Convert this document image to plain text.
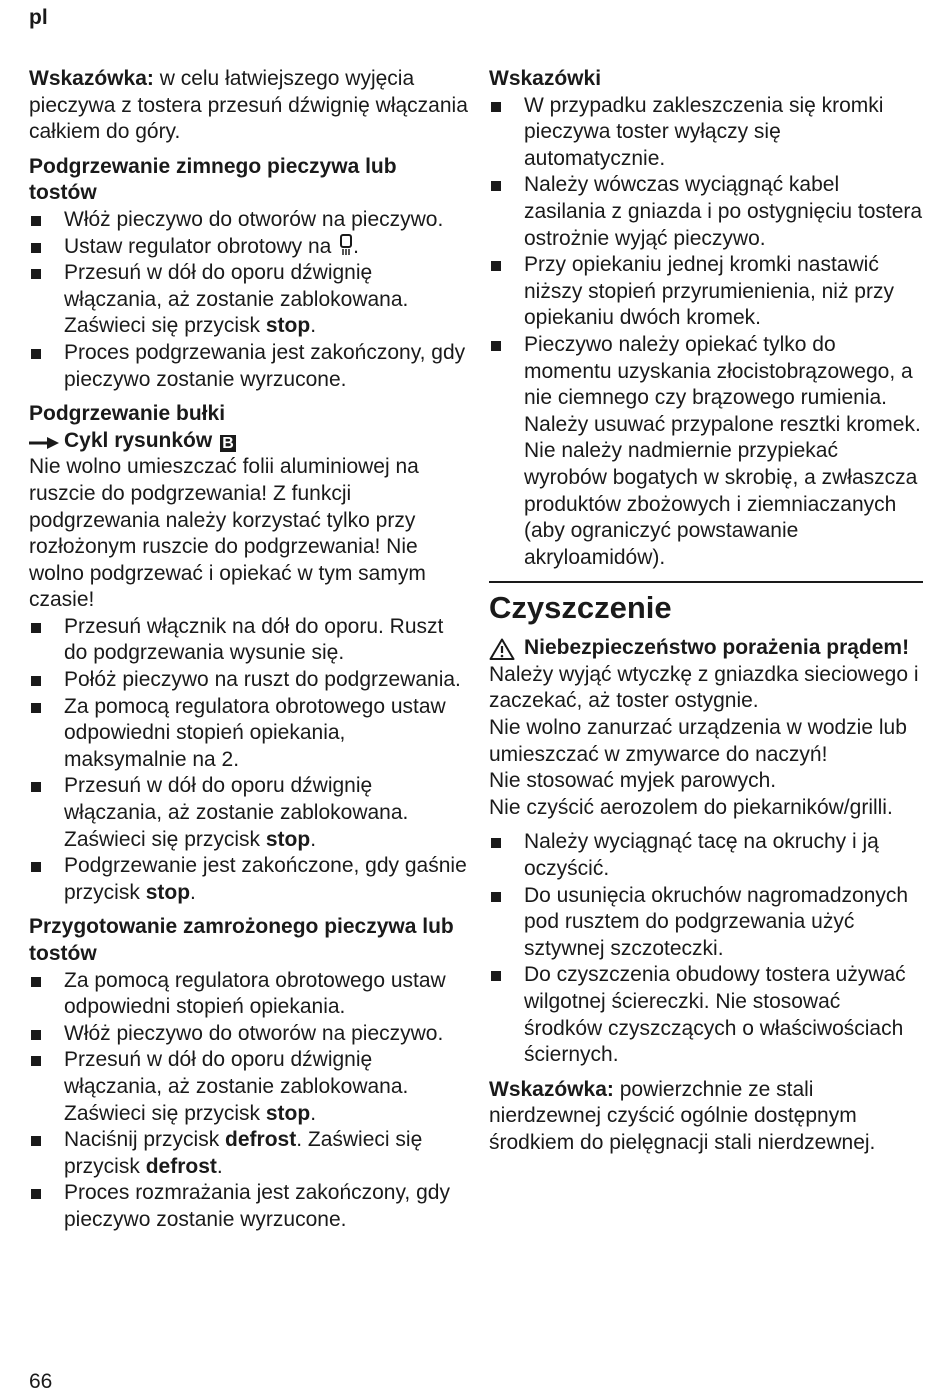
pl

Wskazówka: w celu łatwiejszego wyjęcia pieczywa z tostera przesuń dźwignię włączania całkiem do góry.

Podgrzewanie zimnego pieczywa lub tostów

Włóż pieczywo do otworów na pieczywo.
Ustaw regulator obrotowy na .
Przesuń w dół do oporu dźwignię włączania, aż zostanie zablokowana. Zaświeci się przycisk stop.
Proces podgrzewania jest zakończony, gdy pieczywo zostanie wyrzucone.

Podgrzewanie bułki

Cykl rysunków B

Nie wolno umieszczać folii aluminiowej na ruszcie do podgrzewania! Z funkcji podgrzewania należy korzystać tylko przy rozłożonym ruszcie do podgrzewania! Nie wolno podgrzewać i opiekać w tym samym czasie!

Przesuń włącznik na dół do oporu. Ruszt do podgrzewania wysunie się.
Połóż pieczywo na ruszt do podgrzewania.
Za pomocą regulatora obrotowego ustaw odpowiedni stopień opiekania, maksymalnie na 2.
Przesuń w dół do oporu dźwignię włączania, aż zostanie zablokowana. Zaświeci się przycisk stop.
Podgrzewanie jest zakończone, gdy gaśnie przycisk stop.

Przygotowanie zamrożonego pieczywa lub tostów

Za pomocą regulatora obrotowego ustaw odpowiedni stopień opiekania.
Włóż pieczywo do otworów na pieczywo.
Przesuń w dół do oporu dźwignię włączania, aż zostanie zablokowana. Zaświeci się przycisk stop.
Naciśnij przycisk defrost. Zaświeci się przycisk defrost.
Proces rozmrażania jest zakończony, gdy pieczywo zostanie wyrzucone.

Wskazówki

W przypadku zakleszczenia się kromki pieczywa toster wyłączy się automatycznie.
Należy wówczas wyciągnąć kabel zasilania z gniazda i po ostygnięciu tostera ostrożnie wyjąć pieczywo.
Przy opiekaniu jednej kromki nastawić niższy stopień przyrumienienia, niż przy opiekaniu dwóch kromek.
Pieczywo należy opiekać tylko do momentu uzyskania złocistobrązowego, a nie ciemnego czy brązowego rumienia. Należy usuwać przypalone resztki kromek. Nie należy nadmiernie przypiekać wyrobów bogatych w skrobię, a zwłaszcza produktów zbożowych i ziemniaczanych (aby ograniczyć powstawanie akryloamidów).
Czyszczenie
Niebezpieczeństwo porażenia prądem!

Należy wyjąć wtyczkę z gniazdka sieciowego i zaczekać, aż toster ostygnie.

Nie wolno zanurzać urządzenia w wodzie lub umieszczać w zmywarce do naczyń!

Nie stosować myjek parowych.

Nie czyścić aerozolem do piekarników/grilli.

Należy wyciągnąć tacę na okruchy i ją oczyścić.
Do usunięcia okruchów nagromadzonych pod rusztem do podgrzewania użyć sztywnej szczoteczki.
Do czyszczenia obudowy tostera używać wilgotnej ściereczki. Nie stosować środków czyszczących o właściwościach ściernych.

Wskazówka: powierzchnie ze stali nierdzewnej czyścić ogólnie dostępnym środkiem do pielęgnacji stali nierdzewnej.

66
